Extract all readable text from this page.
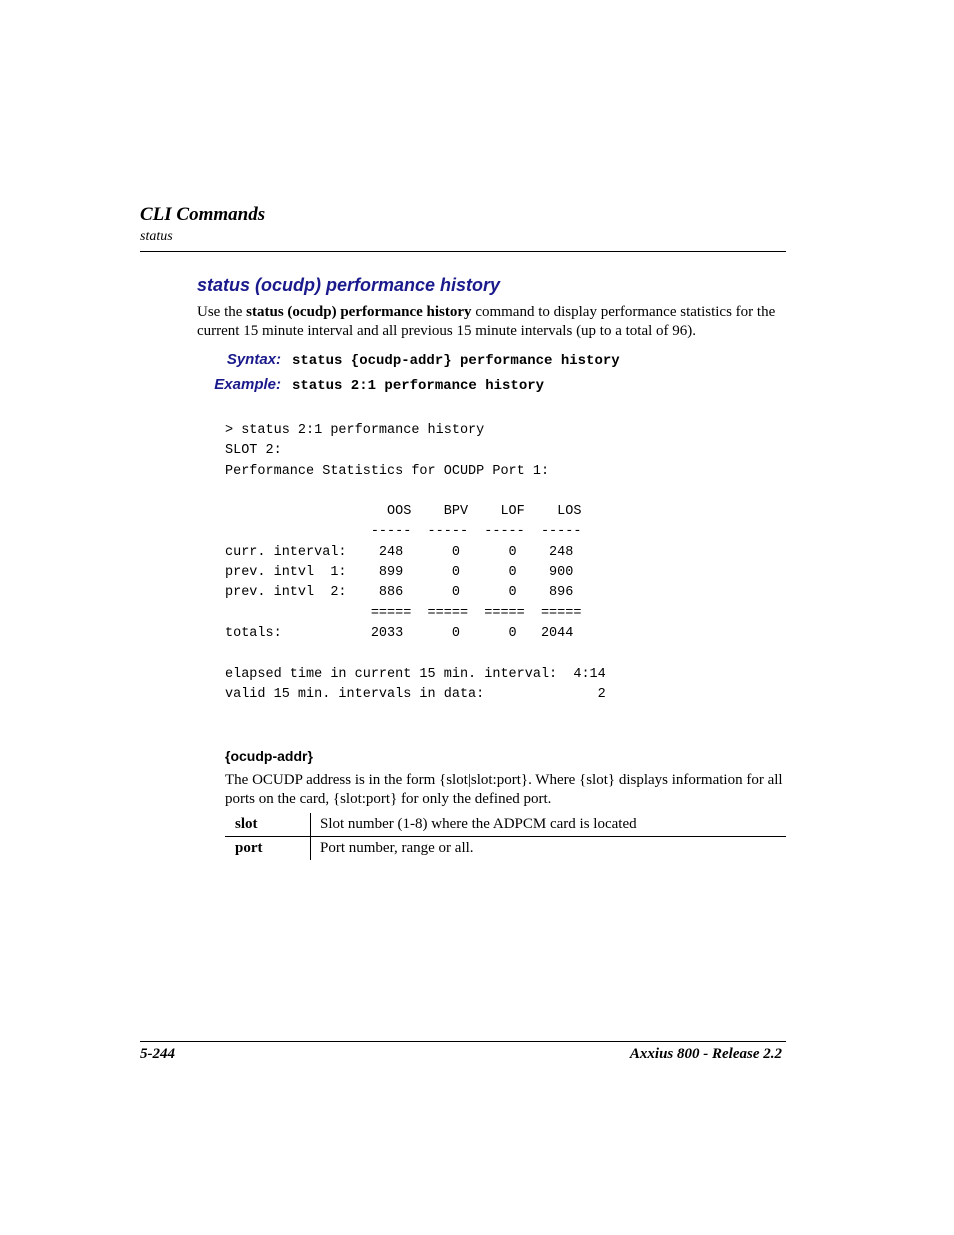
CLI Commands
status
status (ocudp) performance history
Use the status (ocudp) performance history command to display performance statistics for the current 15 minute interval and all previous 15 minute intervals (up to a total of 96).
Syntax: status {ocudp-addr} performance history
Example: status 2:1 performance history
> status 2:1 performance history
SLOT 2:
Performance Statistics for OCUDP Port 1:

OOS    BPV    LOF    LOS
-----  -----  -----  -----
curr. interval:    248      0      0    248
prev. intvl  1:    899      0      0    900
prev. intvl  2:    886      0      0    896
=====  =====  =====  =====
totals:           2033      0      0   2044

elapsed time in current 15 min. interval:  4:14
valid 15 min. intervals in data:              2

{ocudp-addr}
The OCUDP address is in the form {slot|slot:port}. Where {slot} displays information for all ports on the card, {slot:port} for only the defined port.
slot	Slot number (1-8) where the ADPCM card is located
port	Port number, range or all.
5-244	Axxius 800 - Release 2.2
